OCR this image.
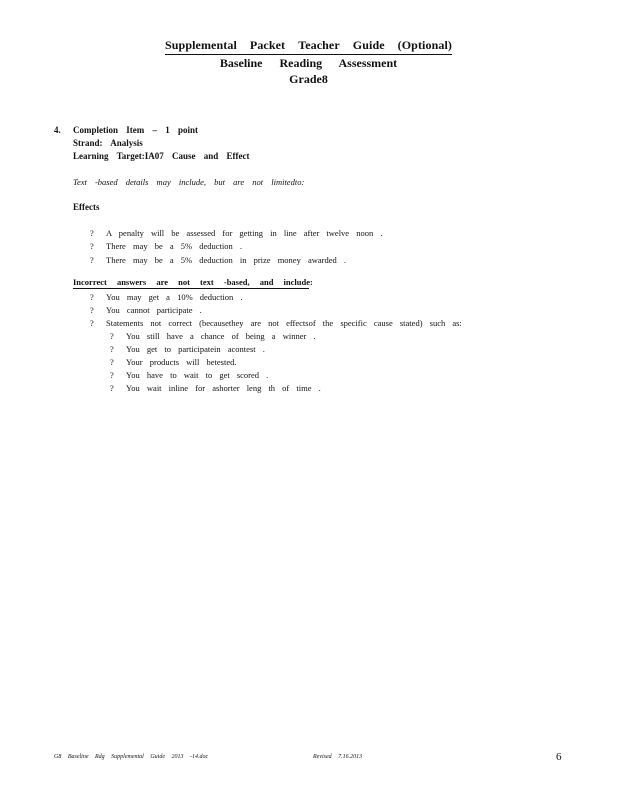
Supplemental Packet Teacher Guide (Optional)
Baseline Reading Assessment
Grade8
4. Completion Item – 1 point
Strand: Analysis
Learning Target:IA07 Cause and Effect
Text -based details may include, but are not limitedto:
Effects
?	A penalty will be assessed for getting in line after twelve noon .
?	There may be a 5% deduction .
?	There may be a 5% deduction in prize money awarded .
Incorrect answers are not text -based, and include:
?	You may get a 10% deduction .
?	You cannot participate .
?	Statements not correct (becausethey are not effectsof the specific cause stated) such as:
?	You still have a chance of being a winner .
?	You get to participatein acontest .
?	Your products will betested.
?	You have to wait to get scored .
?	You wait inline for ashorter leng th of time .
G8 Baseline Rdg Supplemental Guide 2013 -14.doc	Revised 7.16.2013	6
